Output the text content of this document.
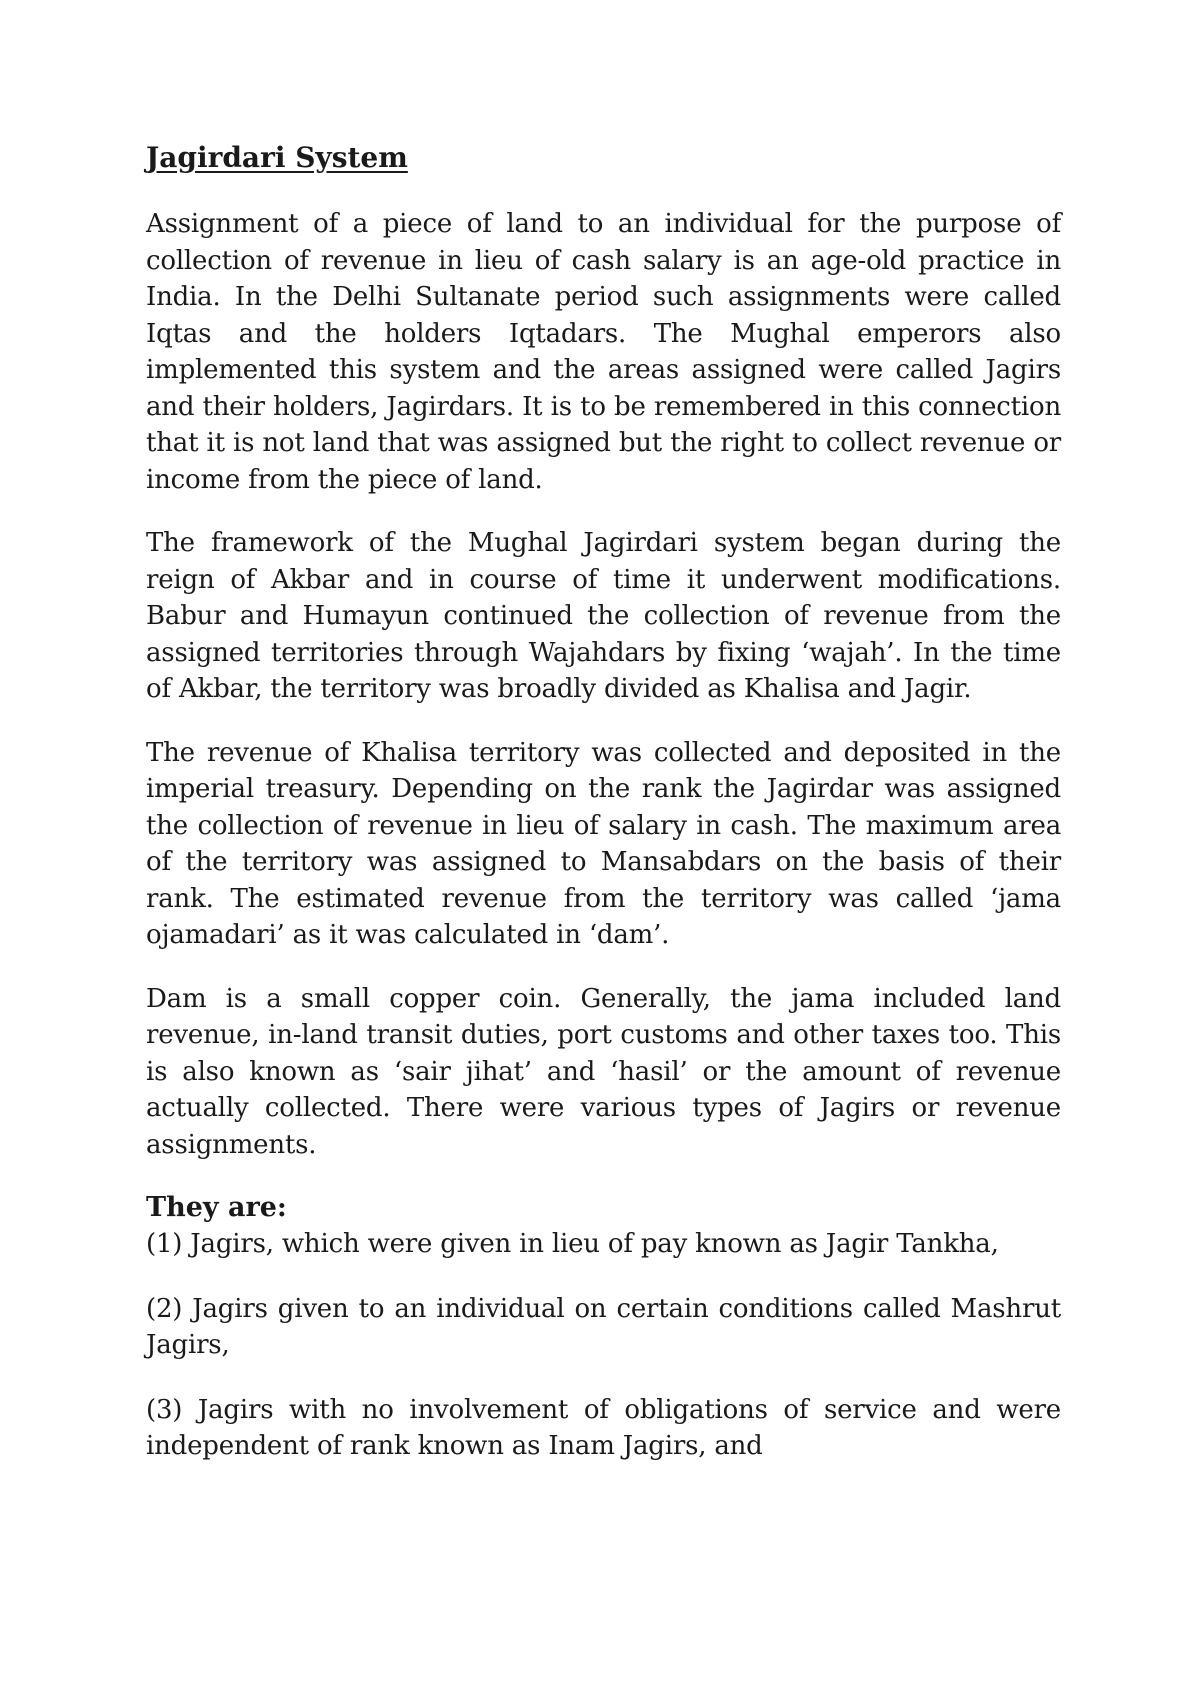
Jagirdari System

Assignment of a piece of land to an individual for the purpose of collection of revenue in lieu of cash salary is an age-old practice in India. In the Delhi Sultanate period such assignments were called Iqtas and the holders Iqtadars. The Mughal emperors also implemented this system and the areas assigned were called Jagirs and their holders, Jagirdars. It is to be remembered in this connection that it is not land that was assigned but the right to collect revenue or income from the piece of land.

The framework of the Mughal Jagirdari system began during the reign of Akbar and in course of time it underwent modifications. Babur and Humayun continued the collection of revenue from the assigned territories through Wajahdars by fixing ‘wajah’. In the time of Akbar, the territory was broadly divided as Khalisa and Jagir.

The revenue of Khalisa territory was collected and deposited in the imperial treasury. Depending on the rank the Jagirdar was assigned the collection of revenue in lieu of salary in cash. The maximum area of the territory was assigned to Mansabdars on the basis of their rank. The estimated revenue from the territory was called ‘jama ojamadari’ as it was calculated in ‘dam’.

Dam is a small copper coin. Generally, the jama included land revenue, in-land transit duties, port customs and other taxes too. This is also known as ‘sair jihat’ and ‘hasil’ or the amount of revenue actually collected. There were various types of Jagirs or revenue assignments.

They are:

(1) Jagirs, which were given in lieu of pay known as Jagir Tankha,

(2) Jagirs given to an individual on certain conditions called Mashrut Jagirs,

(3) Jagirs with no involvement of obligations of service and were independent of rank known as Inam Jagirs, and
